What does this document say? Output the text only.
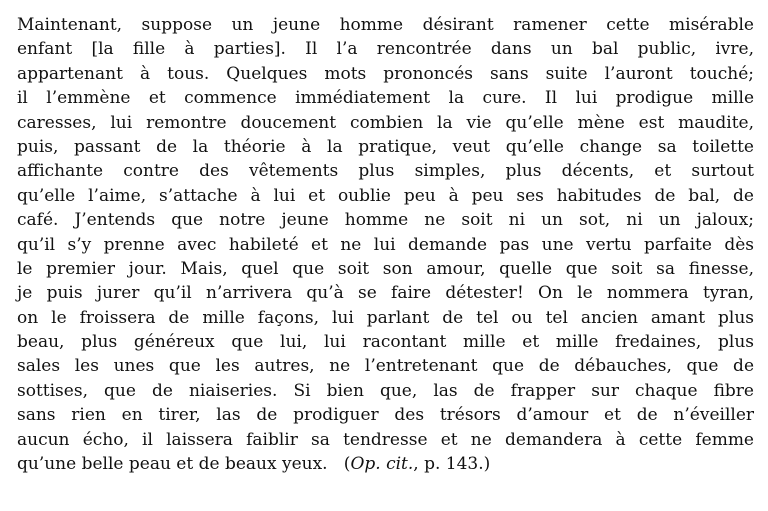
Maintenant, suppose un jeune homme désirant ramener cette misérable
enfant [la fille à parties]. Il l’a rencontrée dans un bal public, ivre,
appartenant à tous. Quelques mots prononcés sans suite l’auront touché;
il l’emmène et commence immédiatement la cure. Il lui prodigue mille
caresses, lui remontre doucement combien la vie qu’elle mène est maudite,
puis, passant de la théorie à la pratique, veut qu’elle change sa toilette
affichante contre des vêtements plus simples, plus décents, et surtout
qu’elle l’aime, s’attache à lui et oublie peu à peu ses habitudes de bal, de
café. J’entends que notre jeune homme ne soit ni un sot, ni un jaloux;
qu’il s’y prenne avec habileté et ne lui demande pas une vertu parfaite dès
le premier jour. Mais, quel que soit son amour, quelle que soit sa finesse,
je puis jurer qu’il n’arrivera qu’à se faire détester! On le nommera tyran,
on le froissera de mille façons, lui parlant de tel ou tel ancien amant plus
beau, plus généreux que lui, lui racontant mille et mille fredaines, plus
sales les unes que les autres, ne l’entretenant que de débauches, que de
sottises, que de niaiseries. Si bien que, las de frapper sur chaque fibre
sans rien en tirer, las de prodiguer des trésors d’amour et de n’éveiller
aucun écho, il laissera faiblir sa tendresse et ne demandera à cette femme
qu’une belle peau et de beaux yeux. (Op. cit., p. 143.)
